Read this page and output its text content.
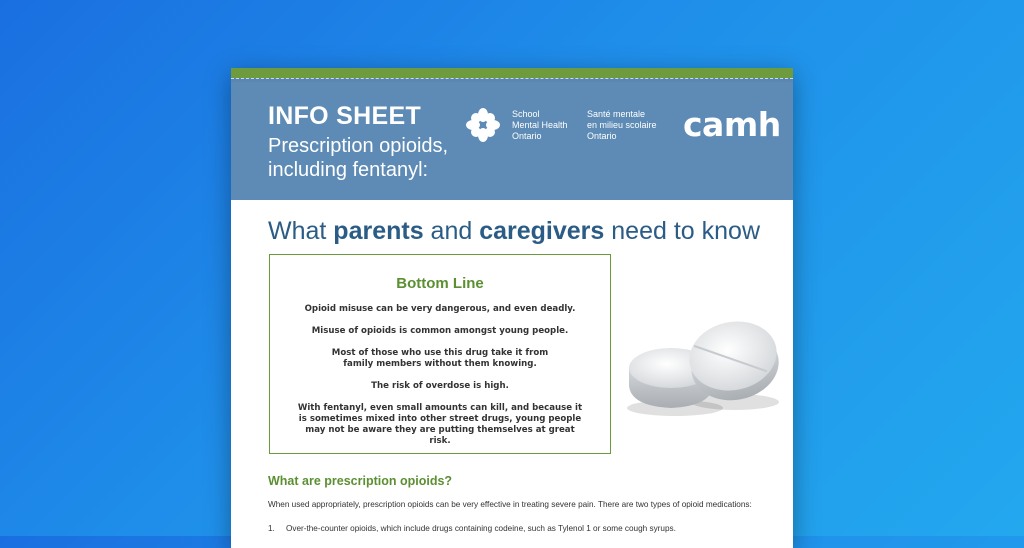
INFO SHEET
Prescription opioids,
including fentanyl:
School
Mental Health
Ontario
Santé mentale
en milieu scolaire
Ontario	camh
What parents and caregivers need to know
Bottom Line
Opioid misuse can be very dangerous, and even deadly.
Misuse of opioids is common amongst young people.
Most of those who use this drug take it from family members without them knowing.
The risk of overdose is high.
With fentanyl, even small amounts can kill, and because it is sometimes mixed into other street drugs, young people may not be aware they are putting themselves at great risk.
What are prescription opioids?
When used appropriately, prescription opioids can be very effective in treating severe pain. There are two types of opioid medications:
1. Over-the-counter opioids, which include drugs containing codeine, such as Tylenol 1 or some cough syrups.
